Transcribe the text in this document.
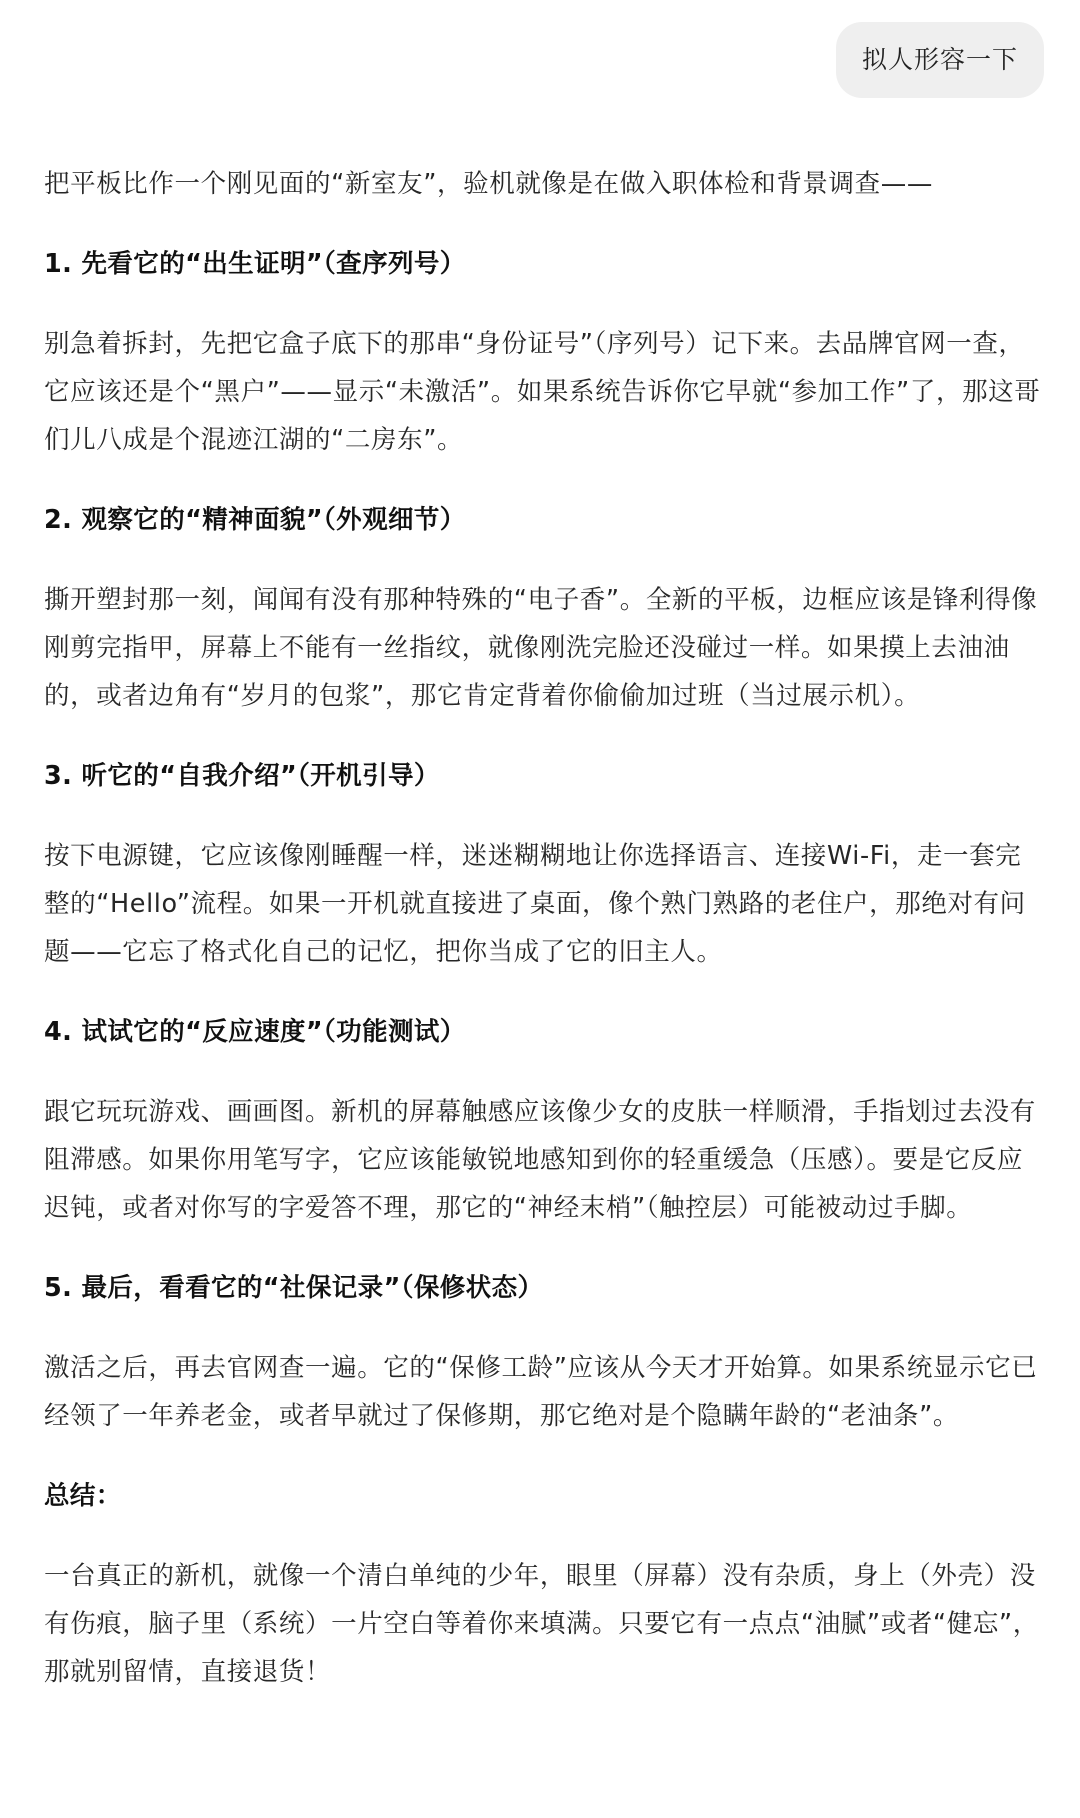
拟人形容一下

把平板比作一个刚见面的“新室友”，验机就像是在做入职体检和背景调查——

1. 先看它的“出生证明”（查序列号）

别急着拆封，先把它盒子底下的那串“身份证号”（序列号）记下来。去品牌官网一查，它应该还是个“黑户”——显示“未激活”。如果系统告诉你它早就“参加工作”了，那这哥们儿八成是个混迹江湖的“二房东”。

2. 观察它的“精神面貌”（外观细节）

撕开塑封那一刻，闻闻有没有那种特殊的“电子香”。全新的平板，边框应该是锋利得像刚剪完指甲，屏幕上不能有一丝指纹，就像刚洗完脸还没碰过一样。如果摸上去油油的，或者边角有“岁月的包浆”，那它肯定背着你偷偷加过班（当过展示机）。

3. 听它的“自我介绍”（开机引导）

按下电源键，它应该像刚睡醒一样，迷迷糊糊地让你选择语言、连接Wi-Fi，走一套完整的“Hello”流程。如果一开机就直接进了桌面，像个熟门熟路的老住户，那绝对有问题——它忘了格式化自己的记忆，把你当成了它的旧主人。

4. 试试它的“反应速度”（功能测试）

跟它玩玩游戏、画画图。新机的屏幕触感应该像少女的皮肤一样顺滑，手指划过去没有阻滞感。如果你用笔写字，它应该能敏锐地感知到你的轻重缓急（压感）。要是它反应迟钝，或者对你写的字爱答不理，那它的“神经末梢”（触控层）可能被动过手脚。

5. 最后，看看它的“社保记录”（保修状态）

激活之后，再去官网查一遍。它的“保修工龄”应该从今天才开始算。如果系统显示它已经领了一年养老金，或者早就过了保修期，那它绝对是个隐瞒年龄的“老油条”。

总结：

一台真正的新机，就像一个清白单纯的少年，眼里（屏幕）没有杂质，身上（外壳）没有伤痕，脑子里（系统）一片空白等着你来填满。只要它有一点点“油腻”或者“健忘”，那就别留情，直接退货！
